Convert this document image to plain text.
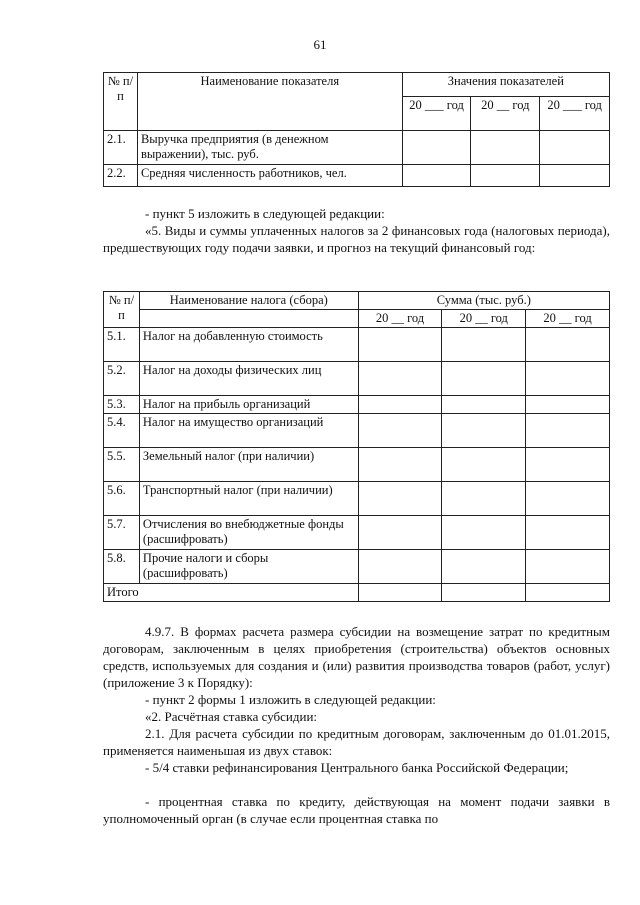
61
№ п/п	Наименование показателя	Значения показателей		
		20 ___ год	20 __ год	20 ___ год
2.1.	Выручка предприятия (в денежном выражении), тыс. руб.			
2.2.	Средняя численность работников, чел.			
- пункт 5 изложить в следующей редакции:
«5. Виды и суммы уплаченных налогов за 2 финансовых года (налоговых периода), предшествующих году подачи заявки, и прогноз на текущий финансовый год:
№ п/п	Наименование налога (сбора)	Сумма (тыс. руб.)		
		20 __ год	20 __ год	20 __ год
5.1.	Налог на добавленную стоимость			
5.2.	Налог на доходы физических лиц			
5.3.	Налог на прибыль организаций			
5.4.	Налог на имущество организаций			
5.5.	Земельный налог (при наличии)			
5.6.	Транспортный налог (при наличии)			
5.7.	Отчисления во внебюджетные фонды (расшифровать)			
5.8.	Прочие налоги и сборы (расшифровать)			
Итого				
4.9.7. В формах расчета размера субсидии на возмещение затрат по кредитным договорам, заключенным в целях приобретения (строительства) объектов основных средств, используемых для создания и (или) развития производства товаров (работ, услуг) (приложение 3 к Порядку):
- пункт 2 формы 1 изложить в следующей редакции:
«2. Расчётная ставка субсидии:
2.1. Для расчета субсидии по кредитным договорам, заключенным до 01.01.2015, применяется наименьшая из двух ставок:
- 5/4 ставки рефинансирования Центрального банка Российской Федерации;
- процентная ставка по кредиту, действующая на момент подачи заявки в уполномоченный орган (в случае если процентная ставка по
